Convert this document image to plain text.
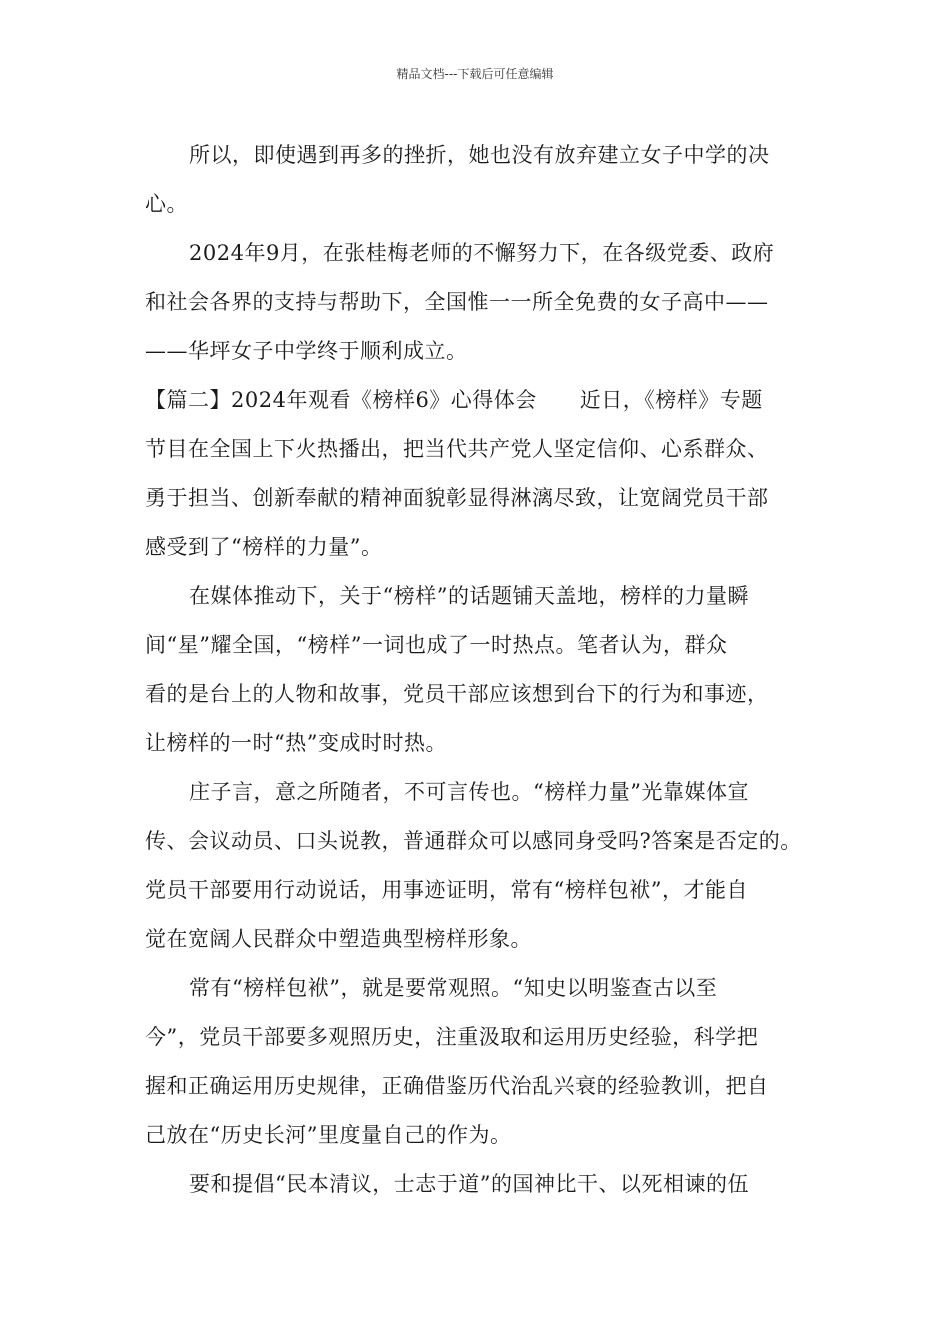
精品文档---下载后可任意编辑
所以，即使遇到再多的挫折，她也没有放弃建立女子中学的决
心。
2024年9月，在张桂梅老师的不懈努力下，在各级党委、政府
和社会各界的支持与帮助下，全国惟一一所全免费的女子高中——
——华坪女子中学终于顺利成立。
【篇二】2024年观看《榜样6》心得体会　　近日，《榜样》专题
节目在全国上下火热播出，把当代共产党人坚定信仰、心系群众、
勇于担当、创新奉献的精神面貌彰显得淋漓尽致，让宽阔党员干部
感受到了“榜样的力量”。
在媒体推动下，关于“榜样”的话题铺天盖地，榜样的力量瞬
间“星”耀全国，“榜样”一词也成了一时热点。笔者认为，群众
看的是台上的人物和故事，党员干部应该想到台下的行为和事迹，
让榜样的一时“热”变成时时热。
庄子言，意之所随者，不可言传也。“榜样力量”光靠媒体宣
传、会议动员、口头说教，普通群众可以感同身受吗?答案是否定的。
党员干部要用行动说话，用事迹证明，常有“榜样包袱”，才能自
觉在宽阔人民群众中塑造典型榜样形象。
常有“榜样包袱”，就是要常观照。“知史以明鉴查古以至
今”，党员干部要多观照历史，注重汲取和运用历史经验，科学把
握和正确运用历史规律，正确借鉴历代治乱兴衰的经验教训，把自
己放在“历史长河”里度量自己的作为。
要和提倡“民本清议，士志于道”的国神比干、以死相谏的伍
